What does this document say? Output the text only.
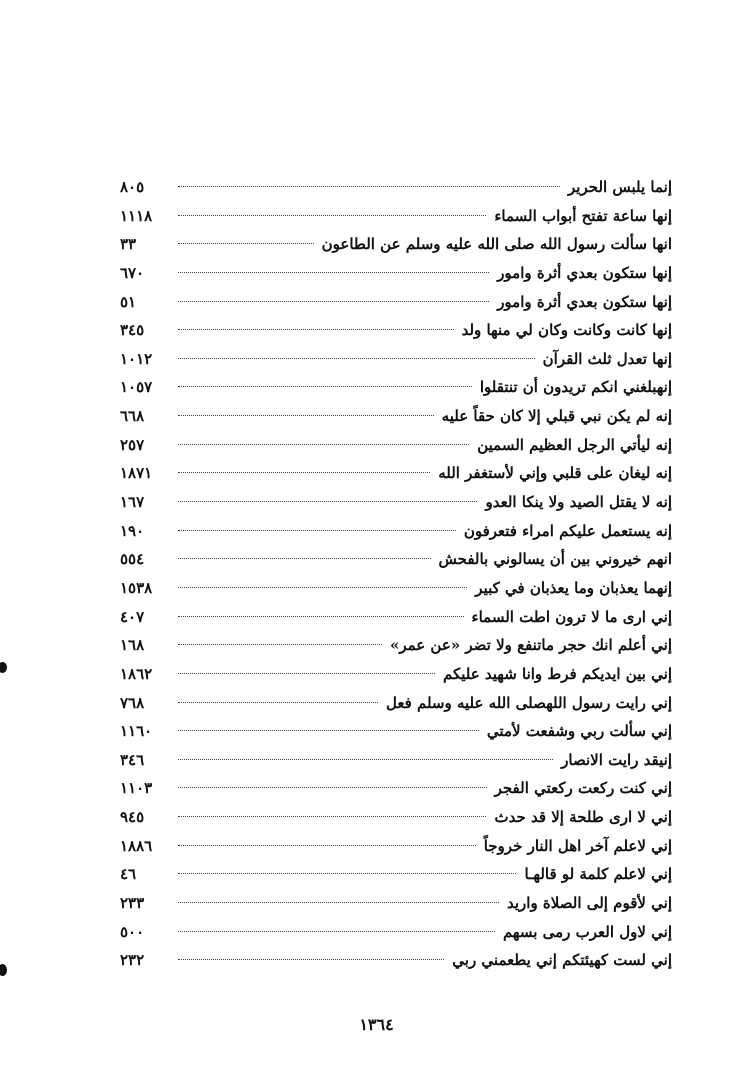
إنما يلبس الحرير
٨٠٥
إنها ساعة تفتح أبواب السماء
١١١٨
انها سألت رسول الله صلى الله عليه وسلم عن الطاعون
٣٣
إنها ستكون بعدي أثرة وامور
٦٧٠
إنها ستكون بعدي أثرة وامور
٥١
إنها كانت وكانت وكان لي منها ولد
٣٤٥
إنها تعدل ثلث القرآن
١٠١٢
إنهبلغني انكم تريدون أن تنتقلوا
١٠٥٧
إنه لم يكن نبي قبلي إلا كان حقاً عليه
٦٦٨
إنه ليأتي الرجل العظيم السمين
٢٥٧
إنه ليغان على قلبي وإني لأستغفر الله
١٨٧١
إنه لا يقتل الصيد ولا ينكا العدو
١٦٧
إنه يستعمل عليكم امراء فتعرفون
١٩٠
انهم خيروني بين أن يسالوني بالفحش
٥٥٤
إنهما يعذبان وما يعذبان في كبير
١٥٣٨
إني ارى ما لا ترون اطت السماء
٤٠٧
إني أعلم انك حجر ماتنفع ولا تضر «عن عمر»
١٦٨
إني بين ايديكم فرط وانا شهيد عليكم
١٨٦٢
إني رايت رسول اللهصلى الله عليه وسلم فعل
٧٦٨
إني سألت ربي وشفعت لأمتي
١١٦٠
إنيقد رايت الانصار
٣٤٦
إني كنت ركعت ركعتي الفجر
١١٠٣
إني لا ارى طلحة إلا قد حدث
٩٤٥
إني لاعلم آخر اهل النار خروجاً
١٨٨٦
إني لاعلم كلمة لو قالهـا
٤٦
إني لأقوم إلى الصلاة واريد
٢٣٣
إني لاول العرب رمى بسهم
٥٠٠
إني لست كهيئتكم إني يطعمني ربي
٢٣٢
١٣٦٤
